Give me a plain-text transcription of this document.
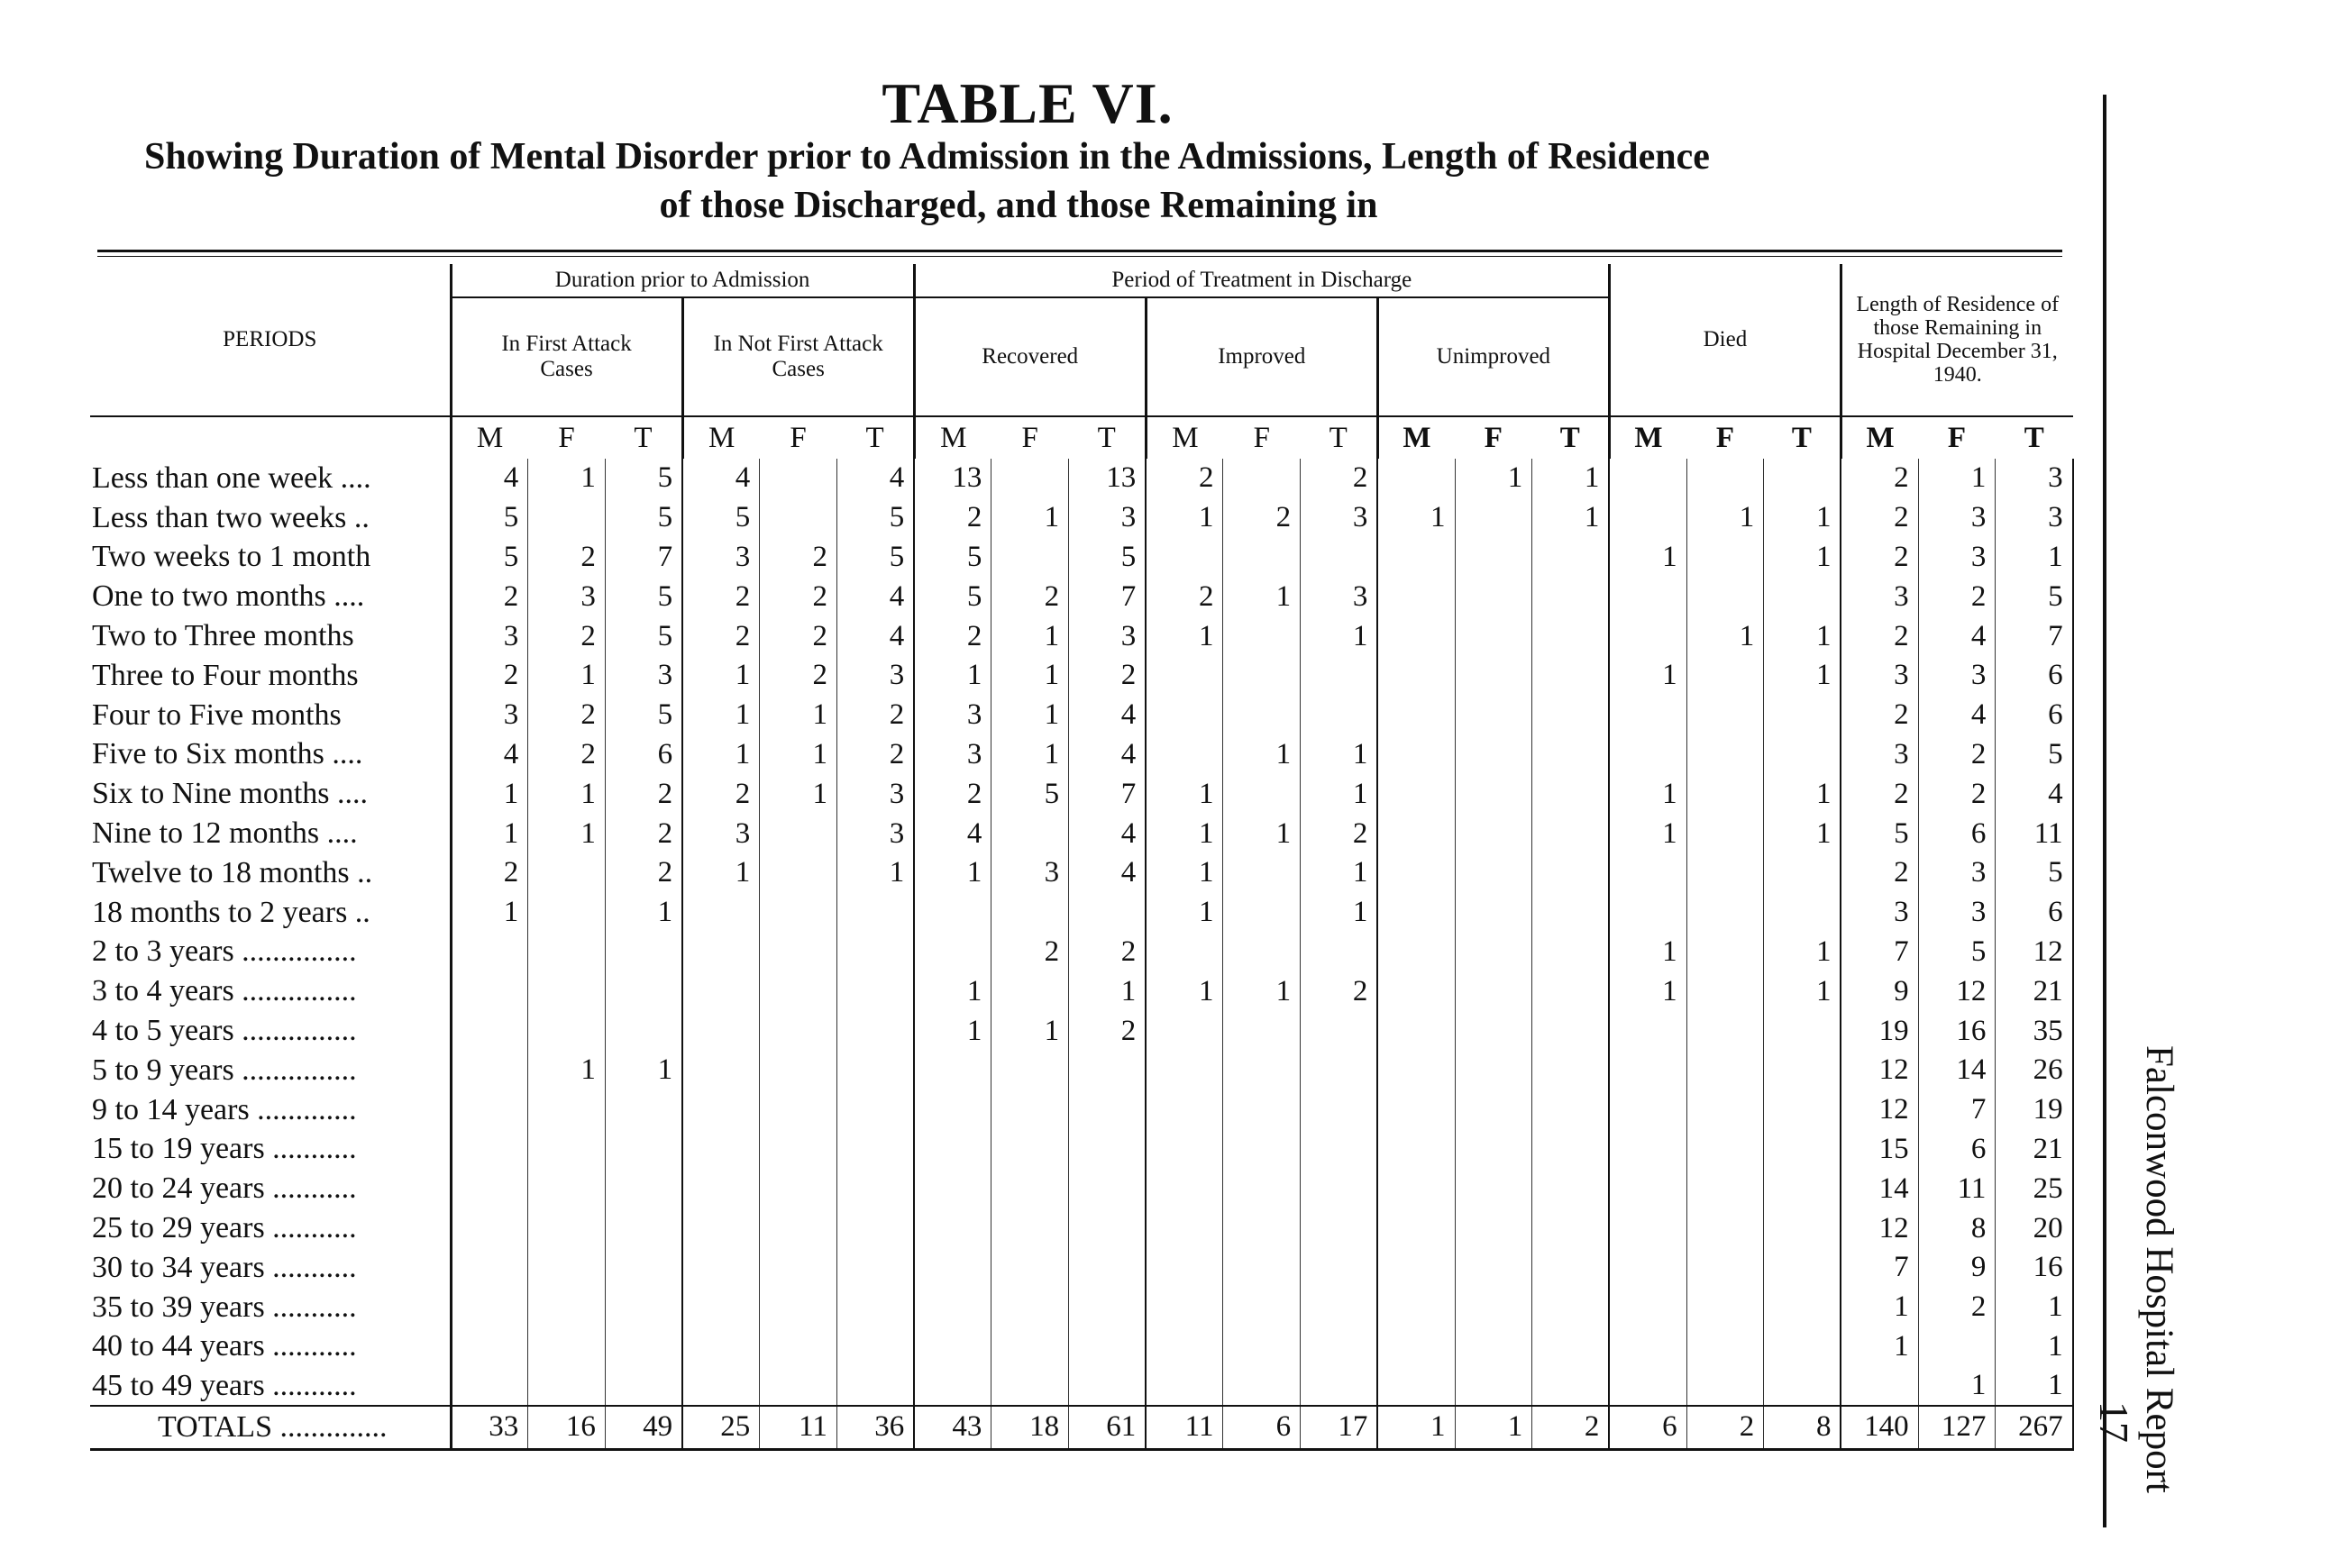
TABLE VI.
Showing Duration of Mental Disorder prior to Admission in the Admissions, Length of Residence
of those Discharged, and those Remaining in
Falconwood Hospital Report
17
PERIODS	Duration prior to Admission						Period of Treatment in Discharge									Died			Length of Residence of those Remaining in Hospital December 31, 1940.		
	In First Attack Cases			In Not First Attack Cases			Recovered			Improved			Unimproved								
	M	F	T	M	F	T	M	F	T	M	F	T	M	F	T	M	F	T	M	F	T
Less than one week ....	4	1	5	4		4	13		13	2		2		1	1				2	1	3
Less than two weeks ..	5		5	5		5	2	1	3	1	2	3	1		1		1	1	2	3	3
Two weeks to 1 month	5	2	7	3	2	5	5		5							1		1	2	3	1
One to two months ....	2	3	5	2	2	4	5	2	7	2	1	3							3	2	5
Two to Three months	3	2	5	2	2	4	2	1	3	1		1					1	1	2	4	7
Three to Four months	2	1	3	1	2	3	1	1	2							1		1	3	3	6
Four to Five months	3	2	5	1	1	2	3	1	4										2	4	6
Five to Six months ....	4	2	6	1	1	2	3	1	4		1	1							3	2	5
Six to Nine months ....	1	1	2	2	1	3	2	5	7	1		1				1		1	2	2	4
Nine to 12 months ....	1	1	2	3		3	4		4	1	1	2				1		1	5	6	11
Twelve to 18 months ..	2		2	1		1	1	3	4	1		1							2	3	5
18 months to 2 years ..	1		1							1		1							3	3	6
2 to 3 years ...............								2	2							1		1	7	5	12
3 to 4 years ...............							1		1	1	1	2				1		1	9	12	21
4 to 5 years ...............							1	1	2										19	16	35
5 to 9 years ...............		1	1																12	14	26
9 to 14 years .............																			12	7	19
15 to 19 years ...........																			15	6	21
20 to 24 years ...........																			14	11	25
25 to 29 years ...........																			12	8	20
30 to 34 years ...........																			7	9	16
35 to 39 years ...........																			1	2	1
40 to 44 years ...........																			1		1
45 to 49 years ...........																				1	1
TOTALS ..............	33	16	49	25	11	36	43	18	61	11	6	17	1	1	2	6	2	8	140	127	267
